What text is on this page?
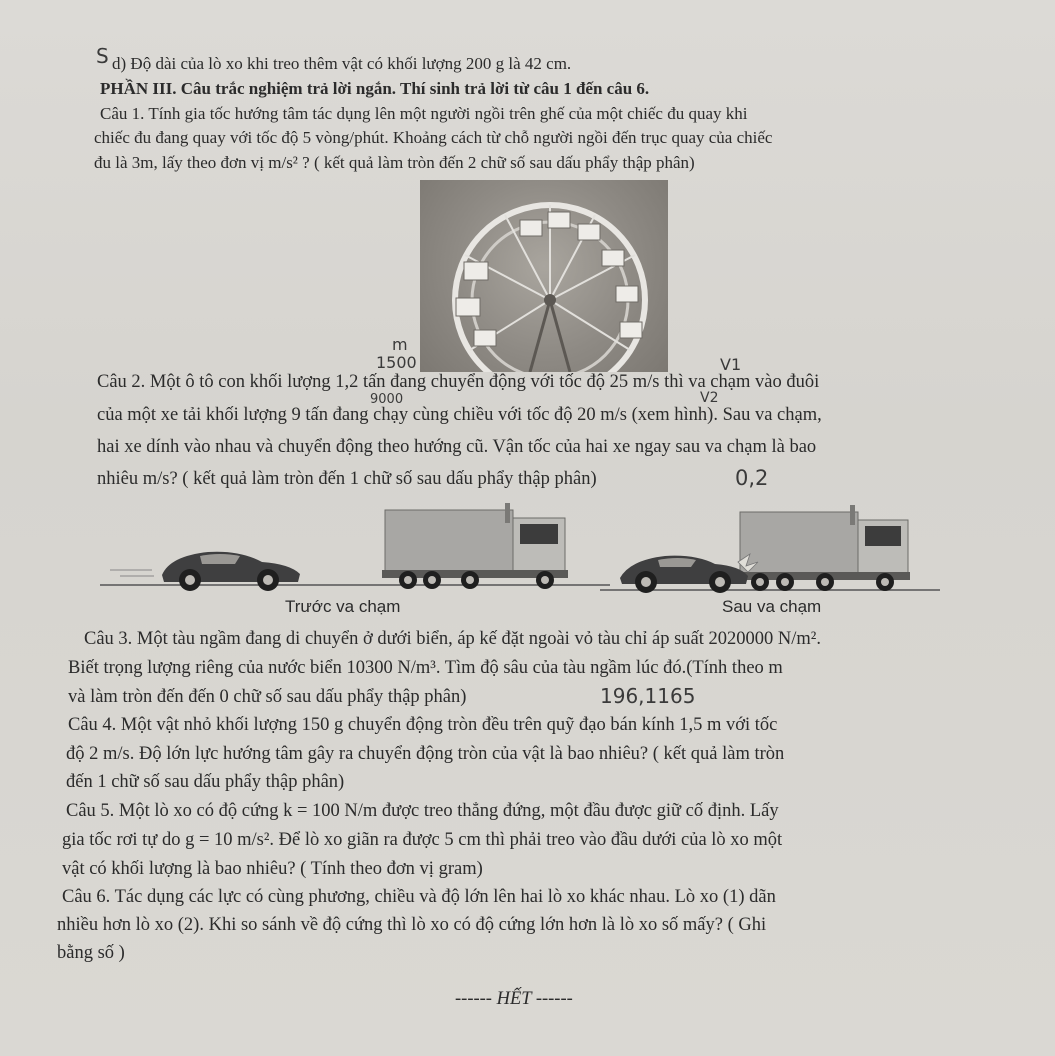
S d) Độ dài của lò xo khi treo thêm vật có khối lượng 200 g là 42 cm.
PHẦN III. Câu trắc nghiệm trả lời ngắn. Thí sinh trả lời từ câu 1 đến câu 6.
Câu 1. Tính gia tốc hướng tâm tác dụng lên một người ngồi trên ghế của một chiếc đu quay khi
chiếc đu đang quay với tốc độ 5 vòng/phút. Khoảng cách từ chỗ người ngồi đến trục quay của chiếc
đu là 3m, lấy theo đơn vị m/s² ? ( kết quả làm tròn đến 2 chữ số sau dấu phẩy thập phân)
m
1500	V1
Câu 2. Một ô tô con khối lượng 1,2 tấn đang chuyển động với tốc độ 25 m/s thì va chạm vào đuôi
9000	V2
của một xe tải khối lượng 9 tấn đang chạy cùng chiều với tốc độ 20 m/s (xem hình). Sau va chạm,
hai xe dính vào nhau và chuyển động theo hướng cũ. Vận tốc của hai xe ngay sau va chạm là bao
nhiêu m/s? ( kết quả làm tròn đến 1 chữ số sau dấu phẩy thập phân)	0,2
Trước va chạm	Sau va chạm
Câu 3. Một tàu ngầm đang di chuyển ở dưới biển, áp kế đặt ngoài vỏ tàu chỉ áp suất 2020000 N/m².
Biết trọng lượng riêng của nước biển 10300 N/m³. Tìm độ sâu của tàu ngầm lúc đó.(Tính theo m
và làm tròn đến đến 0 chữ số sau dấu phẩy thập phân)	196,1165
Câu 4. Một vật nhỏ khối lượng 150 g chuyển động tròn đều trên quỹ đạo bán kính 1,5 m với tốc
độ 2 m/s. Độ lớn lực hướng tâm gây ra chuyển động tròn của vật là bao nhiêu? ( kết quả làm tròn
đến 1 chữ số sau dấu phẩy thập phân)
Câu 5. Một lò xo có độ cứng k = 100 N/m được treo thẳng đứng, một đầu được giữ cố định. Lấy
gia tốc rơi tự do g = 10 m/s². Để lò xo giãn ra được 5 cm thì phải treo vào đầu dưới của lò xo một
vật có khối lượng là bao nhiêu? ( Tính theo đơn vị gram)
Câu 6. Tác dụng các lực có cùng phương, chiều và độ lớn lên hai lò xo khác nhau. Lò xo (1) dãn
nhiều hơn lò xo (2). Khi so sánh về độ cứng thì lò xo có độ cứng lớn hơn là lò xo số mấy? ( Ghi
bằng số )
------ HẾT ------
